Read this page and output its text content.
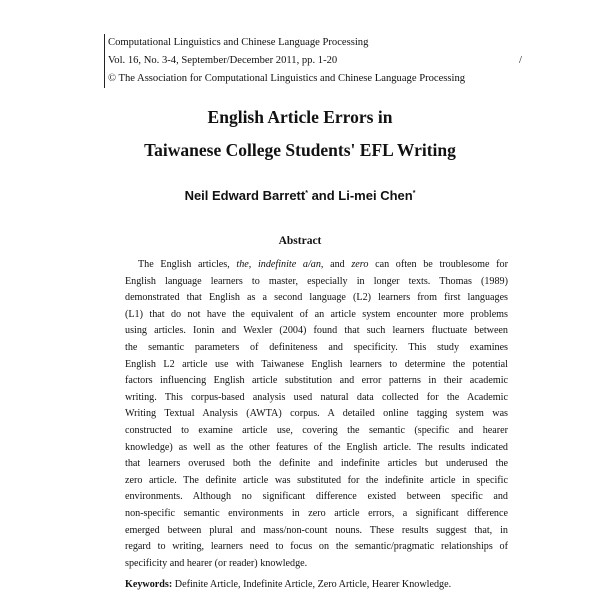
Computational Linguistics and Chinese Language Processing
Vol. 16, No. 3-4, September/December 2011, pp. 1-20	/
© The Association for Computational Linguistics and Chinese Language Processing
English Article Errors in
Taiwanese College Students' EFL Writing
Neil Edward Barrett* and Li-mei Chen*
Abstract
The English articles, the, indefinite a/an, and zero can often be troublesome for
English language learners to master, especially in longer texts. Thomas (1989)
demonstrated that English as a second language (L2) learners from first languages
(L1) that do not have the equivalent of an article system encounter more problems
using articles. Ionin and Wexler (2004) found that such learners fluctuate between
the semantic parameters of definiteness and specificity. This study examines
English L2 article use with Taiwanese English learners to determine the potential
factors influencing English article substitution and error patterns in their academic
writing. This corpus-based analysis used natural data collected for the Academic
Writing Textual Analysis (AWTA) corpus. A detailed online tagging system was
constructed to examine article use, covering the semantic (specific and hearer
knowledge) as well as the other features of the English article. The results indicated
that learners overused both the definite and indefinite articles but underused the
zero article. The definite article was substituted for the indefinite article in specific
environments. Although no significant difference existed between specific and
non-specific semantic environments in zero article errors, a significant difference
emerged between plural and mass/non-count nouns. These results suggest that, in
regard to writing, learners need to focus on the semantic/pragmatic relationships of
specificity and hearer (or reader) knowledge.
Keywords: Definite Article, Indefinite Article, Zero Article, Hearer Knowledge.
